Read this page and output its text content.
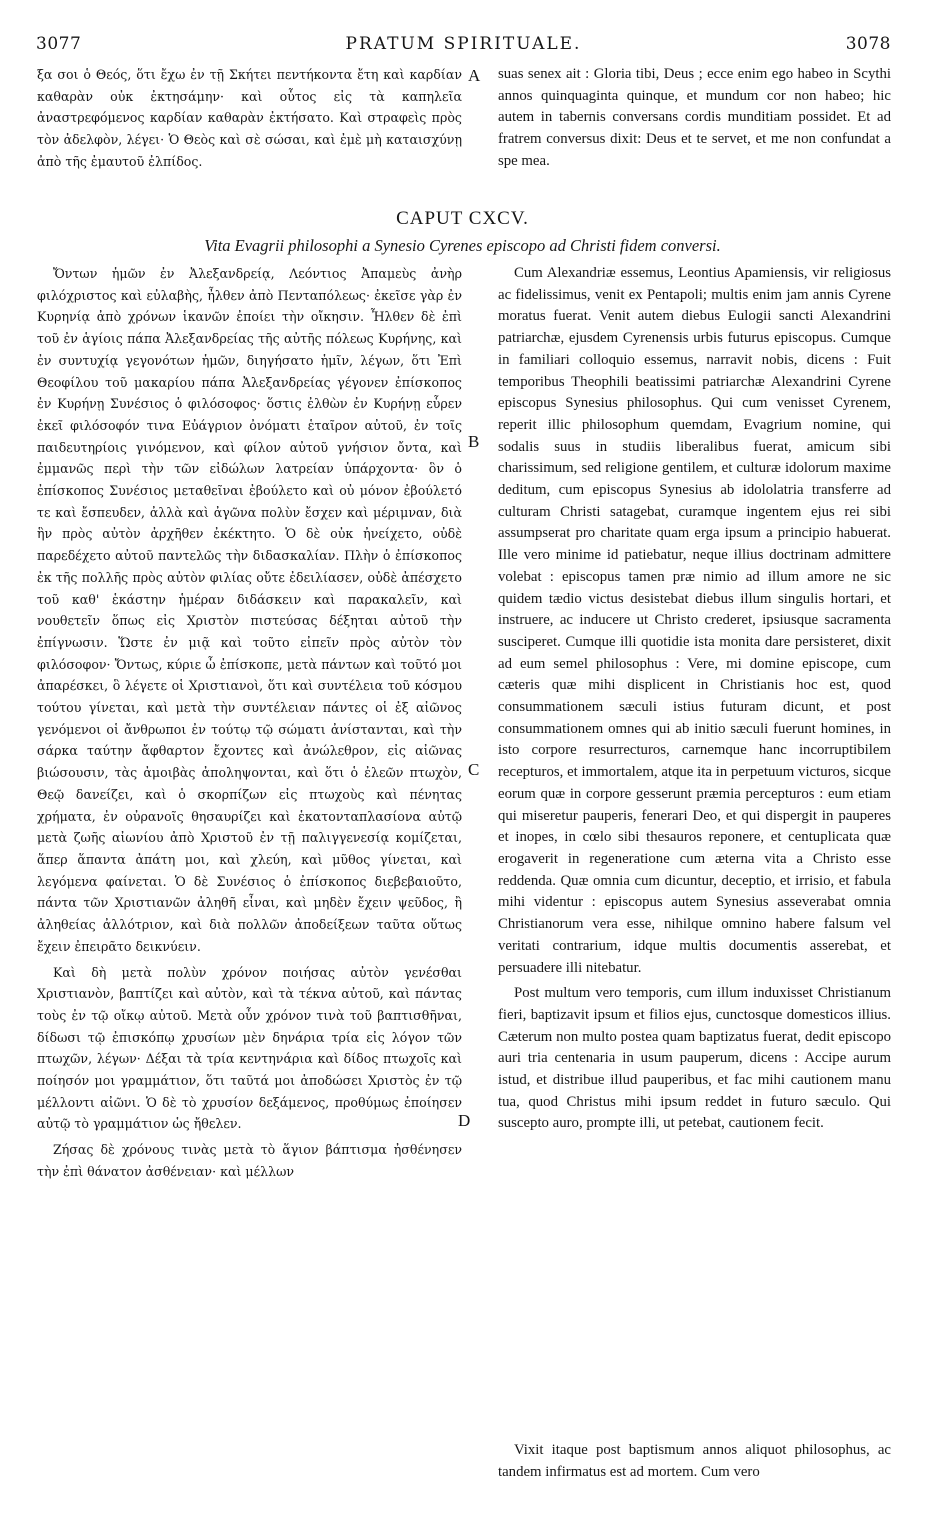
3077	PRATUM SPIRITUALE.	3078

ξα σοι ὁ Θεός, ὅτι ἔχω ἐν τῇ Σκήτει πεντήκοντα ἔτη καὶ καρδίαν καθαρὰν οὐκ ἐκτησάμην· καὶ οὗτος εἰς τὰ καπηλεῖα ἀναστρεφόμενος καρδίαν καθαρὰν ἐκτήσατο. Καὶ στραφεὶς πρὸς τὸν ἀδελφὸν, λέγει· Ὁ Θεὸς καὶ σὲ σώσαι, καὶ ἐμὲ μὴ καταισχύνῃ ἀπὸ τῆς ἐμαυτοῦ ἐλπίδος.

suas senex ait : Gloria tibi, Deus ; ecce enim ego habeo in Scythi annos quinquaginta quinque, et mundum cor non habeo; hic autem in tabernis conversans cordis munditiam possidet. Et ad fratrem conversus dixit: Deus et te servet, et me non confundat a spe mea.

CAPUT CXCV.
Vita Evagrii philosophi a Synesio Cyrenes episcopo ad Christi fidem conversi.

Ὄντων ἡμῶν ἐν Ἀλεξανδρείᾳ, Λεόντιος Ἀπαμεὺς ἀνὴρ φιλόχριστος καὶ εὐλαβὴς, ἦλθεν ἀπὸ Πενταπόλεως· ἐκεῖσε γὰρ ἐν Κυρηνίᾳ ἀπὸ χρόνων ἱκανῶν ἐποίει τὴν οἴκησιν. Ἦλθεν δὲ ἐπὶ τοῦ ἐν ἁγίοις πάπα Ἀλεξανδρείας τῆς αὐτῆς πόλεως Κυρήνης, καὶ ἐν συντυχίᾳ γεγονότων ἡμῶν, διηγήσατο ἡμῖν, λέγων, ὅτι Ἐπὶ Θεοφίλου τοῦ μακαρίου πάπα Ἀλεξανδρείας γέγονεν ἐπίσκοπος ἐν Κυρήνῃ Συνέσιος ὁ φιλόσοφος· ὅστις ἐλθὼν ἐν Κυρήνῃ εὗρεν ἐκεῖ φιλόσοφόν τινα Εὐάγριον ὀνόματι ἑταῖρον αὐτοῦ, ἐν τοῖς παιδευτηρίοις γινόμενον, καὶ φίλον αὐτοῦ γνήσιον ὄντα, καὶ ἐμμανῶς περὶ τὴν τῶν εἰδώλων λατρείαν ὑπάρχοντα· ὃν ὁ ἐπίσκοπος Συνέσιος μεταθεῖναι ἐβούλετο καὶ οὐ μόνον ἐβούλετό τε καὶ ἔσπευδεν, ἀλλὰ καὶ ἀγῶνα πολὺν ἔσχεν καὶ μέριμναν, διὰ ἣν πρὸς αὐτὸν ἀρχῆθεν ἐκέκτητο. Ὁ δὲ οὐκ ἠνείχετο, οὐδὲ παρεδέχετο αὐτοῦ παντελῶς τὴν διδασκαλίαν. Πλὴν ὁ ἐπίσκοπος ἐκ τῆς πολλῆς πρὸς αὐτὸν φιλίας οὔτε ἐδειλίασεν, οὐδὲ ἀπέσχετο τοῦ καθ' ἑκάστην ἡμέραν διδάσκειν καὶ παρακαλεῖν, καὶ νουθετεῖν ὅπως εἰς Χριστὸν πιστεύσας δέξηται αὐτοῦ τὴν ἐπίγνωσιν. Ὥστε ἐν μιᾷ καὶ τοῦτο εἰπεῖν πρὸς αὐτὸν τὸν φιλόσοφον· Ὄντως, κύριε ὦ ἐπίσκοπε, μετὰ πάντων καὶ τοῦτό μοι ἀπαρέσκει, ὃ λέγετε οἱ Χριστιανοὶ, ὅτι καὶ συντέλεια τοῦ κόσμου τούτου γίνεται, καὶ μετὰ τὴν συντέλειαν πάντες οἱ ἐξ αἰῶνος γενόμενοι οἱ ἄνθρωποι ἐν τούτῳ τῷ σώματι ἀνίστανται, καὶ τὴν σάρκα ταύτην ἄφθαρτον ἔχοντες καὶ ἀνώλεθρον, εἰς αἰῶνας βιώσουσιν, τὰς ἀμοιβὰς ἀποληψονται, καὶ ὅτι ὁ ἐλεῶν πτωχὸν, Θεῷ δανείζει, καὶ ὁ σκορπίζων εἰς πτωχοὺς καὶ πένητας χρήματα, ἐν οὐρανοῖς θησαυρίζει καὶ ἑκατονταπλασίονα αὐτῷ μετὰ ζωῆς αἰωνίου ἀπὸ Χριστοῦ ἐν τῇ παλιγγενεσίᾳ κομίζεται, ἅπερ ἅπαντα ἀπάτη μοι, καὶ χλεύη, καὶ μῦθος γίνεται, καὶ λεγόμενα φαίνεται. Ὁ δὲ Συνέσιος ὁ ἐπίσκοπος διεβεβαιοῦτο, πάντα τῶν Χριστιανῶν ἀληθῆ εἶναι, καὶ μηδὲν ἔχειν ψεῦδος, ἢ ἀληθείας ἀλλότριον, καὶ διὰ πολλῶν ἀποδείξεων ταῦτα οὕτως ἔχειν ἐπειρᾶτο δεικνύειν.

Καὶ δὴ μετὰ πολὺν χρόνον ποιήσας αὐτὸν γενέσθαι Χριστιανὸν, βαπτίζει καὶ αὐτὸν, καὶ τὰ τέκνα αὐτοῦ, καὶ πάντας τοὺς ἐν τῷ οἴκῳ αὐτοῦ. Μετὰ οὖν χρόνον τινὰ τοῦ βαπτισθῆναι, δίδωσι τῷ ἐπισκόπῳ χρυσίων μὲν δηνάρια τρία εἰς λόγον τῶν πτωχῶν, λέγων· Δέξαι τὰ τρία κεντηνάρια καὶ δίδος πτωχοῖς καὶ ποίησόν μοι γραμμάτιον, ὅτι ταῦτά μοι ἀποδώσει Χριστὸς ἐν τῷ μέλλοντι αἰῶνι. Ὁ δὲ τὸ χρυσίον δεξάμενος, προθύμως ἐποίησεν αὐτῷ τὸ γραμμάτιον ὡς ἤθελεν.

Ζήσας δὲ χρόνους τινὰς μετὰ τὸ ἅγιον βάπτισμα ἠσθένησεν τὴν ἐπὶ θάνατον ἀσθένειαν· καὶ μέλλων

Cum Alexandriæ essemus, Leontius Apamiensis, vir religiosus ac fidelissimus, venit ex Pentapoli; multis enim jam annis Cyrene moratus fuerat. Venit autem diebus Eulogii sancti Alexandrini patriarchæ, ejusdem Cyrenensis urbis futurus episcopus. Cumque in familiari colloquio essemus, narravit nobis, dicens : Fuit temporibus Theophili beatissimi patriarchæ Alexandrini Cyrene episcopus Synesius philosophus. Qui cum venisset Cyrenem, reperit illic philosophum quemdam, Evagrium nomine, qui sodalis suus in studiis liberalibus fuerat, amicum sibi charissimum, sed religione gentilem, et culturæ idolorum maxime deditum, cum episcopus Synesius ab idololatria transferre ad culturam Christi satagebat, curamque ingentem ejus rei sibi assumpserat pro charitate quam erga ipsum a principio habuerat. Ille vero minime id patiebatur, neque illius doctrinam admittere volebat : episcopus tamen præ nimio ad illum amore ne sic quidem tædio victus desistebat diebus illum singulis hortari, et instruere, ac inducere ut Christo crederet, ipsiusque sacramenta susciperet. Cumque illi quotidie ista monita dare persisteret, dixit ad eum semel philosophus : Vere, mi domine episcope, cum cæteris quæ mihi displicent in Christianis hoc est, quod consummationem sæculi istius futuram dicunt, et post consummationem omnes qui ab initio sæculi fuerunt homines, in isto corpore resurrecturos, carnemque hanc incorruptibilem recepturos, et immortalem, atque ita in perpetuum victuros, sicque eorum quæ in corpore gesserunt præmia percepturos : eum etiam qui miseretur pauperis, fenerari Deo, et qui dispergit in pauperes et inopes, in cœlo sibi thesauros reponere, et centuplicata quæ erogaverit in regeneratione cum æterna vita a Christo esse reddenda. Quæ omnia cum dicuntur, deceptio, et irrisio, et fabula mihi videntur : episcopus autem Synesius asseverabat omnia Christianorum vera esse, nihilque omnino habere falsum vel veritati contrarium, idque multis documentis asserebat, et persuadere illi nitebatur.

Post multum vero temporis, cum illum induxisset Christianum fieri, baptizavit ipsum et filios ejus, cunctosque domesticos illius. Cæterum non multo postea quam baptizatus fuerat, dedit episcopo auri tria centenaria in usum pauperum, dicens : Accipe aurum istud, et distribue illud pauperibus, et fac mihi cautionem manu tua, quod Christus mihi ipsum reddet in futuro sæculo. Qui suscepto auro, prompte illi, ut petebat, cautionem fecit.

Vixit itaque post baptismum annos aliquot philosophus, ac tandem infirmatus est ad mortem. Cum vero

A
B
C
D
